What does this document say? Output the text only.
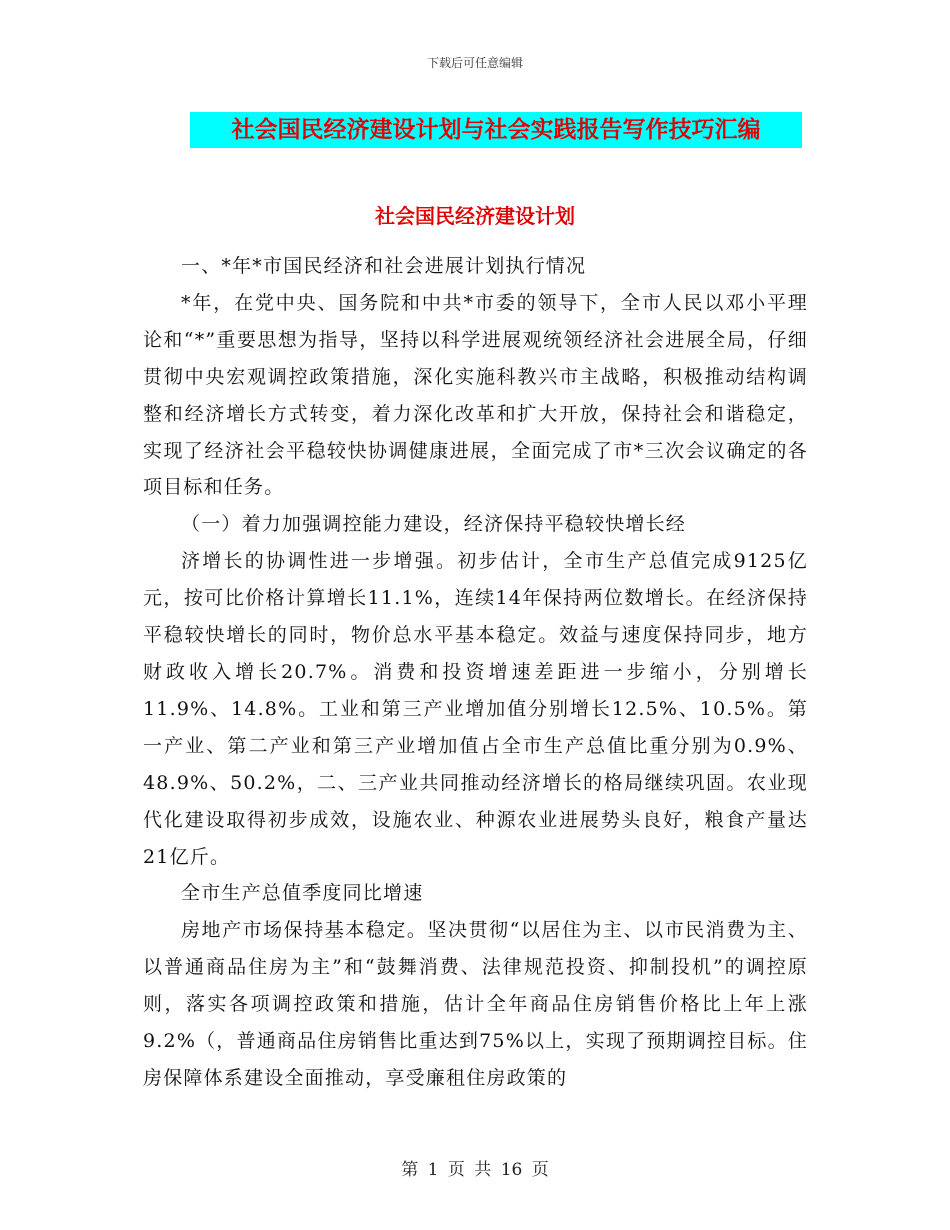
下载后可任意编辑
社会国民经济建设计划与社会实践报告写作技巧汇编
社会国民经济建设计划

一、*年*市国民经济和社会进展计划执行情况

*年，在党中央、国务院和中共*市委的领导下，全市人民以邓小平理论和“*”重要思想为指导，坚持以科学进展观统领经济社会进展全局，仔细贯彻中央宏观调控政策措施，深化实施科教兴市主战略，积极推动结构调整和经济增长方式转变，着力深化改革和扩大开放，保持社会和谐稳定，实现了经济社会平稳较快协调健康进展，全面完成了市*三次会议确定的各项目标和任务。

（一）着力加强调控能力建设，经济保持平稳较快增长经

济增长的协调性进一步增强。初步估计，全市生产总值完成9125亿元，按可比价格计算增长11.1%，连续14年保持两位数增长。在经济保持平稳较快增长的同时，物价总水平基本稳定。效益与速度保持同步，地方财政收入增长20.7%。消费和投资增速差距进一步缩小，分别增长11.9%、14.8%。工业和第三产业增加值分别增长12.5%、10.5%。第一产业、第二产业和第三产业增加值占全市生产总值比重分别为0.9%、48.9%、50.2%，二、三产业共同推动经济增长的格局继续巩固。农业现代化建设取得初步成效，设施农业、种源农业进展势头良好，粮食产量达21亿斤。

全市生产总值季度同比增速

房地产市场保持基本稳定。坚决贯彻“以居住为主、以市民消费为主、以普通商品住房为主”和“鼓舞消费、法律规范投资、抑制投机”的调控原则，落实各项调控政策和措施，估计全年商品住房销售价格比上年上涨9.2%（，普通商品住房销售比重达到75%以上，实现了预期调控目标。住房保障体系建设全面推动，享受廉租住房政策的

第 1 页 共 16 页
